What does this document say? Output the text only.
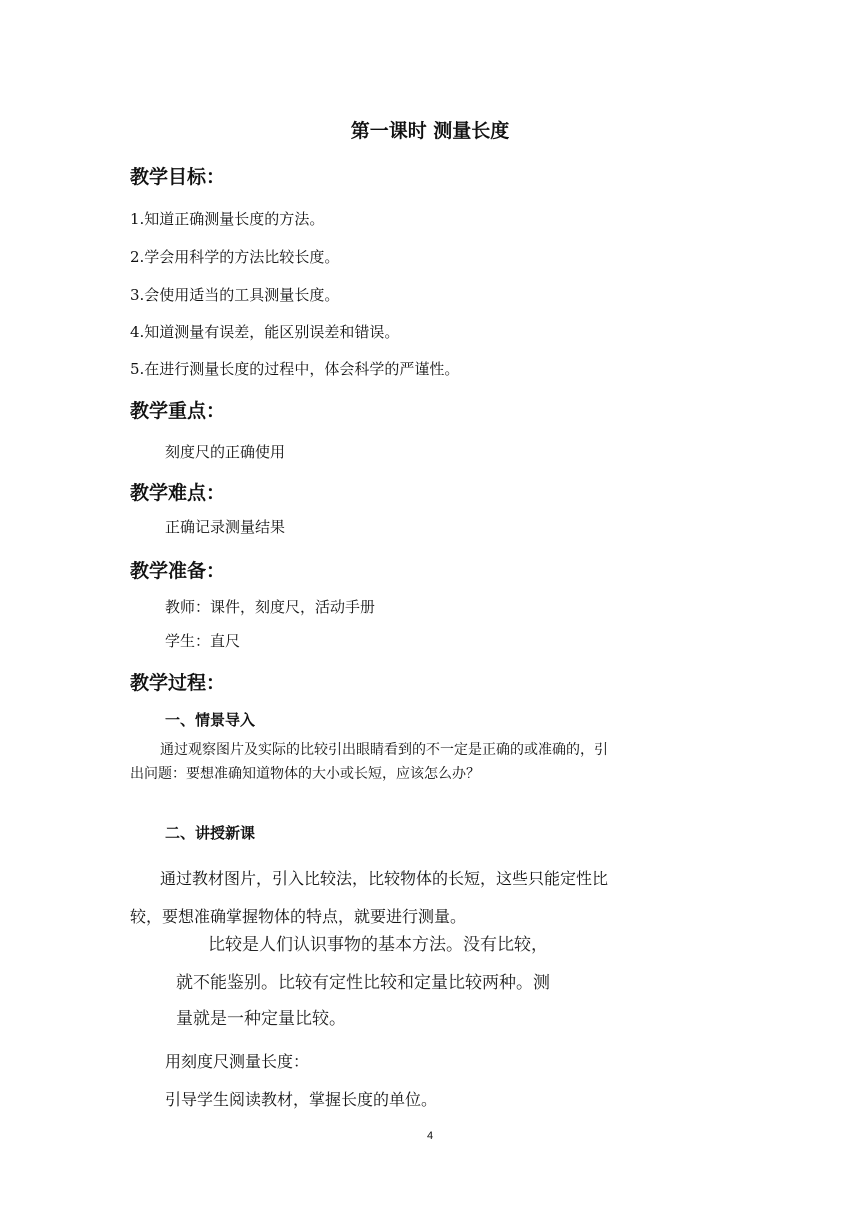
第一课时 测量长度
教学目标：
1.知道正确测量长度的方法。
2.学会用科学的方法比较长度。
3.会使用适当的工具测量长度。
4.知道测量有误差，能区别误差和错误。
5.在进行测量长度的过程中，体会科学的严谨性。
教学重点：
刻度尺的正确使用
教学难点：
正确记录测量结果
教学准备：
教师：课件，刻度尺，活动手册
学生：直尺
教学过程：
一、情景导入
通过观察图片及实际的比较引出眼睛看到的不一定是正确的或准确的，引
出问题：要想准确知道物体的大小或长短，应该怎么办？
二、讲授新课
通过教材图片，引入比较法，比较物体的长短，这些只能定性比
较，要想准确掌握物体的特点，就要进行测量。
比较是人们认识事物的基本方法。没有比较，
就不能鉴别。比较有定性比较和定量比较两种。测
量就是一种定量比较。
用刻度尺测量长度：
引导学生阅读教材，掌握长度的单位。
4
